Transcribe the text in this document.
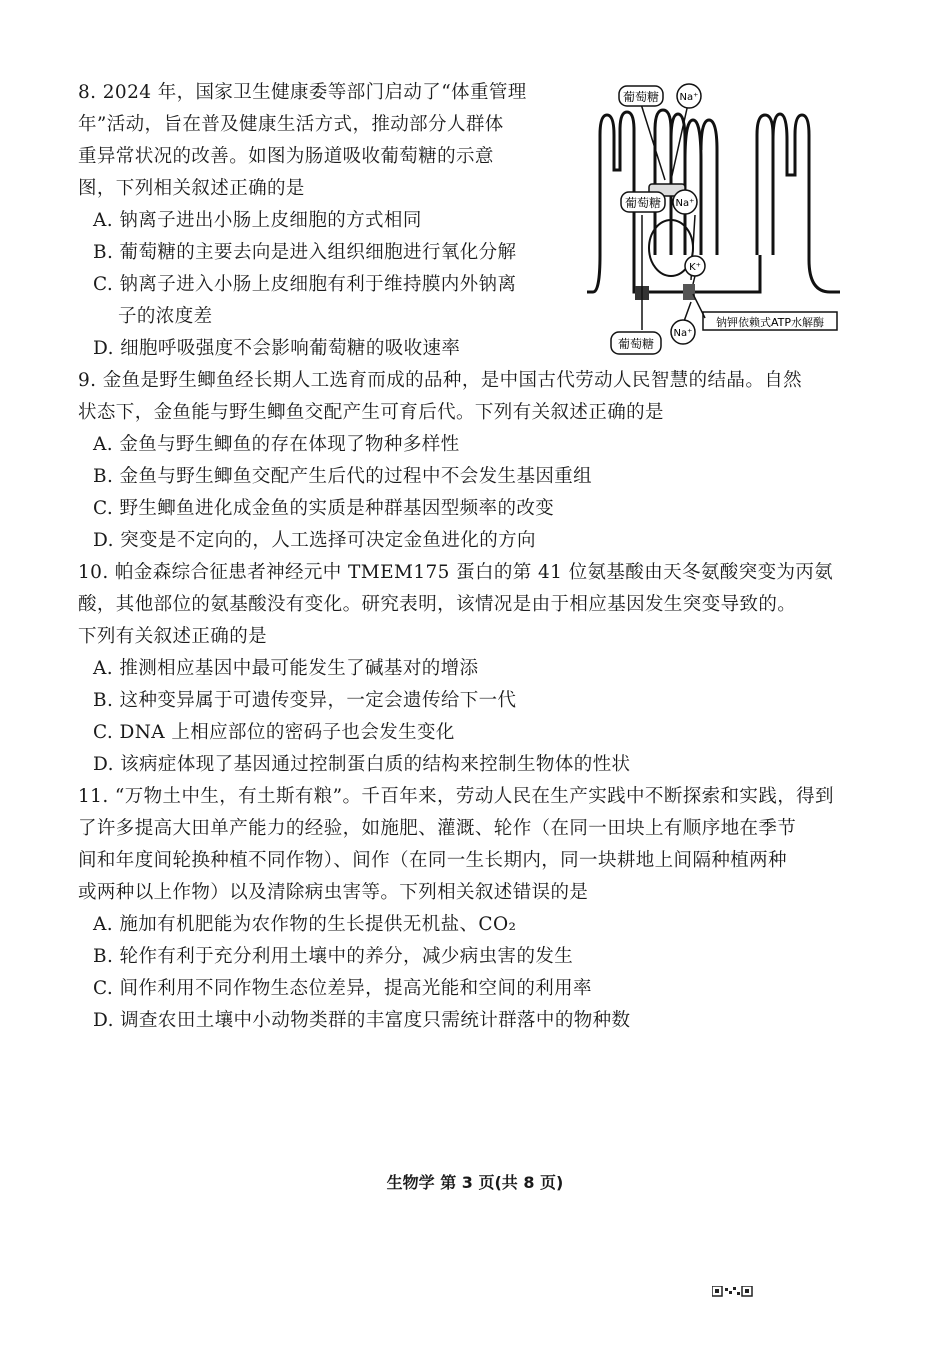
8. 2024 年，国家卫生健康委等部门启动了“体重管理
年”活动，旨在普及健康生活方式，推动部分人群体
重异常状况的改善。如图为肠道吸收葡萄糖的示意
图，下列相关叙述正确的是
A. 钠离子进出小肠上皮细胞的方式相同
B. 葡萄糖的主要去向是进入组织细胞进行氧化分解
C. 钠离子进入小肠上皮细胞有利于维持膜内外钠离
子的浓度差
D. 细胞呼吸强度不会影响葡萄糖的吸收速率
葡萄糖 Na⁺
葡萄糖 Na⁺
K⁺
钠钾依赖式ATP水解酶
Na⁺
葡萄糖
9. 金鱼是野生鲫鱼经长期人工选育而成的品种，是中国古代劳动人民智慧的结晶。自然
状态下，金鱼能与野生鲫鱼交配产生可育后代。下列有关叙述正确的是
A. 金鱼与野生鲫鱼的存在体现了物种多样性
B. 金鱼与野生鲫鱼交配产生后代的过程中不会发生基因重组
C. 野生鲫鱼进化成金鱼的实质是种群基因型频率的改变
D. 突变是不定向的，人工选择可决定金鱼进化的方向
10. 帕金森综合征患者神经元中 TMEM175 蛋白的第 41 位氨基酸由天冬氨酸突变为丙氨
酸，其他部位的氨基酸没有变化。研究表明，该情况是由于相应基因发生突变导致的。
下列有关叙述正确的是
A. 推测相应基因中最可能发生了碱基对的增添
B. 这种变异属于可遗传变异，一定会遗传给下一代
C. DNA 上相应部位的密码子也会发生变化
D. 该病症体现了基因通过控制蛋白质的结构来控制生物体的性状
11. “万物土中生，有土斯有粮”。千百年来，劳动人民在生产实践中不断探索和实践，得到
了许多提高大田单产能力的经验，如施肥、灌溉、轮作（在同一田块上有顺序地在季节
间和年度间轮换种植不同作物）、间作（在同一生长期内，同一块耕地上间隔种植两种
或两种以上作物）以及清除病虫害等。下列相关叙述错误的是
A. 施加有机肥能为农作物的生长提供无机盐、CO₂
B. 轮作有利于充分利用土壤中的养分，减少病虫害的发生
C. 间作利用不同作物生态位差异，提高光能和空间的利用率
D. 调查农田土壤中小动物类群的丰富度只需统计群落中的物种数
生物学 第 3 页(共 8 页)
